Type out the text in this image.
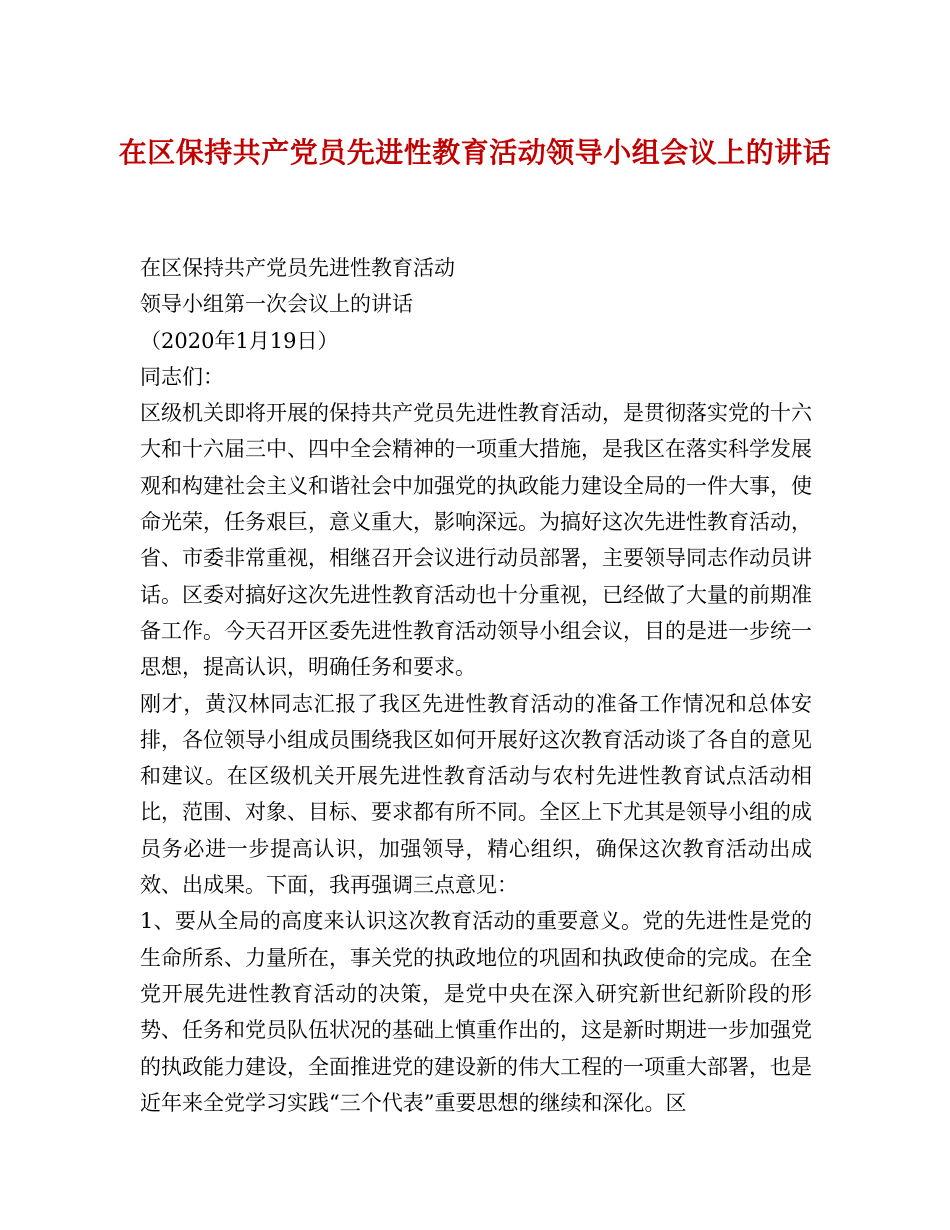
在区保持共产党员先进性教育活动领导小组会议上的讲话

在区保持共产党员先进性教育活动

领导小组第一次会议上的讲话

（2020年1月19日）

同志们：

区级机关即将开展的保持共产党员先进性教育活动，是贯彻落实党的十六大和十六届三中、四中全会精神的一项重大措施，是我区在落实科学发展观和构建社会主义和谐社会中加强党的执政能力建设全局的一件大事，使命光荣，任务艰巨，意义重大，影响深远。为搞好这次先进性教育活动，省、市委非常重视，相继召开会议进行动员部署，主要领导同志作动员讲话。区委对搞好这次先进性教育活动也十分重视，已经做了大量的前期准备工作。今天召开区委先进性教育活动领导小组会议，目的是进一步统一思想，提高认识，明确任务和要求。

刚才，黄汉林同志汇报了我区先进性教育活动的准备工作情况和总体安排，各位领导小组成员围绕我区如何开展好这次教育活动谈了各自的意见和建议。在区级机关开展先进性教育活动与农村先进性教育试点活动相比，范围、对象、目标、要求都有所不同。全区上下尤其是领导小组的成员务必进一步提高认识，加强领导，精心组织，确保这次教育活动出成效、出成果。下面，我再强调三点意见：

1、要从全局的高度来认识这次教育活动的重要意义。党的先进性是党的生命所系、力量所在，事关党的执政地位的巩固和执政使命的完成。在全党开展先进性教育活动的决策，是党中央在深入研究新世纪新阶段的形势、任务和党员队伍状况的基础上慎重作出的，这是新时期进一步加强党的执政能力建设，全面推进党的建设新的伟大工程的一项重大部署，也是近年来全党学习实践“三个代表”重要思想的继续和深化。区
